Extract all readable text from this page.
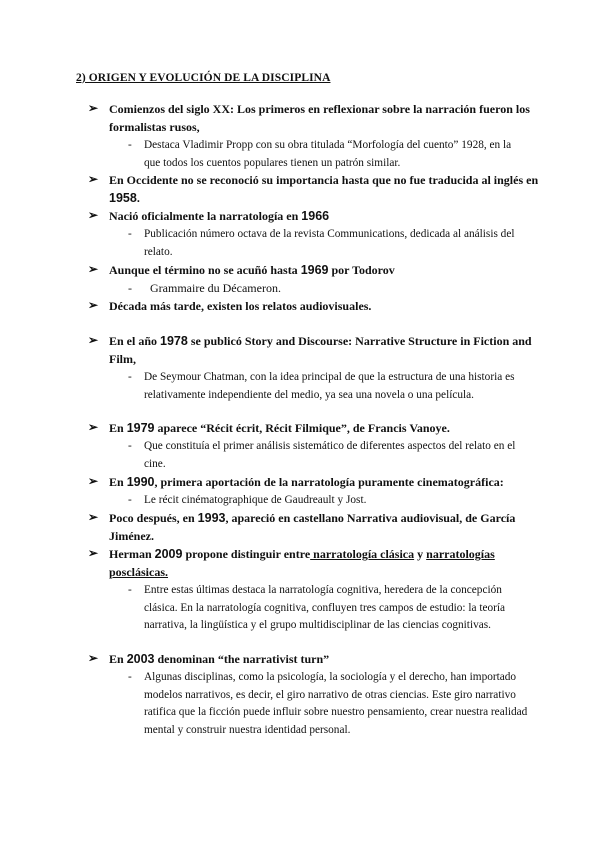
2) ORIGEN Y EVOLUCIÓN DE LA DISCIPLINA
➢ Comienzos del siglo XX: Los primeros en reflexionar sobre la narración fueron los formalistas rusos,
- Destaca Vladimir Propp con su obra titulada “Morfología del cuento” 1928, en la que todos los cuentos populares tienen un patrón similar.
➢ En Occidente no se reconoció su importancia hasta que no fue traducida al inglés en 1958.
➢ Nació oficialmente la narratología en 1966
- Publicación número octava de la revista Communications, dedicada al análisis del relato.
➢ Aunque el término no se acuñó hasta 1969 por Todorov
- Grammaire du Décameron.
➢ Década más tarde, existen los relatos audiovisuales.
➢ En el año 1978 se publicó Story and Discourse: Narrative Structure in Fiction and Film,
- De Seymour Chatman, con la idea principal de que la estructura de una historia es relativamente independiente del medio, ya sea una novela o una película.
➢ En 1979 aparece “Récit écrit, Récit Filmique”, de Francis Vanoye.
- Que constituía el primer análisis sistemático de diferentes aspectos del relato en el cine.
➢ En 1990, primera aportación de la narratología puramente cinematográfica:
- Le récit cinématographique de Gaudreault y Jost.
➢ Poco después, en 1993, apareció en castellano Narrativa audiovisual, de García Jiménez.
➢ Herman 2009 propone distinguir entre narratología clásica y narratologías posclásicas.
- Entre estas últimas destaca la narratología cognitiva, heredera de la concepción clásica. En la narratología cognitiva, confluyen tres campos de estudio: la teoría narrativa, la lingüística y el grupo multidisciplinar de las ciencias cognitivas.
➢ En 2003 denominan “the narrativist turn”
- Algunas disciplinas, como la psicología, la sociología y el derecho, han importado modelos narrativos, es decir, el giro narrativo de otras ciencias. Este giro narrativo ratifica que la ficción puede influir sobre nuestro pensamiento, crear nuestra realidad mental y construir nuestra identidad personal.
